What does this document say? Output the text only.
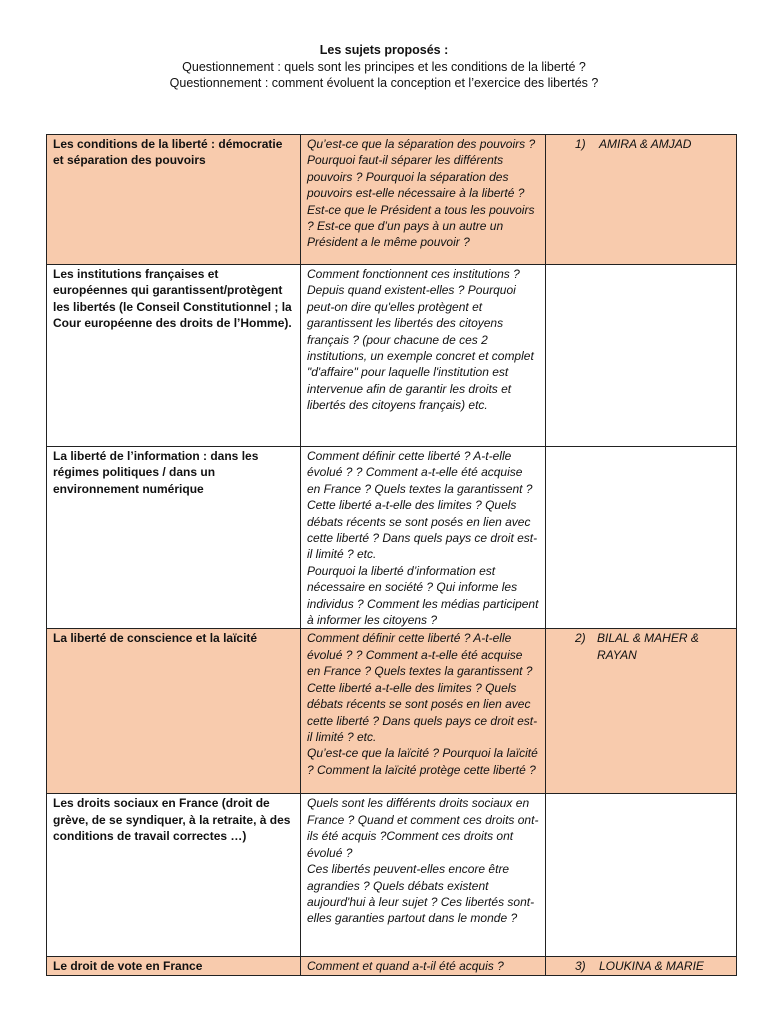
Les sujets proposés :
Questionnement : quels sont les principes et les conditions de la liberté ?
Questionnement : comment évoluent la conception et l’exercice des libertés ?
Les conditions de la liberté : démocratie et séparation des pouvoirs	Qu’est-ce que la séparation des pouvoirs ? Pourquoi faut-il séparer les différents pouvoirs ? Pourquoi la séparation des pouvoirs est-elle nécessaire à la liberté ? Est-ce que le Président a tous les pouvoirs ? Est-ce que d’un pays à un autre un Président a le même pouvoir ?	1) AMIRA & AMJAD

Les institutions françaises et européennes qui garantissent/protègent les libertés (le Conseil Constitutionnel ; la Cour européenne des droits de l’Homme).	Comment fonctionnent ces institutions ? Depuis quand existent-elles ? Pourquoi peut-on dire qu'elles protègent et garantissent les libertés des citoyens français ? (pour chacune de ces 2 institutions, un exemple concret et complet "d'affaire" pour laquelle l'institution est intervenue afin de garantir les droits et libertés des citoyens français) etc.	

La liberté de l’information : dans les régimes politiques / dans un environnement numérique	Comment définir cette liberté ? A-t-elle évolué ? ? Comment a-t-elle été acquise en France ? Quels textes la garantissent ? Cette liberté a-t-elle des limites ? Quels débats récents se sont posés en lien avec cette liberté ? Dans quels pays ce droit est-il limité ? etc.
Pourquoi la liberté d’information est nécessaire en société ? Qui informe les individus ? Comment les médias participent à informer les citoyens ?	

La liberté de conscience et la laïcité	Comment définir cette liberté ? A-t-elle évolué ? ? Comment a-t-elle été acquise en France ? Quels textes la garantissent ? Cette liberté a-t-elle des limites ? Quels débats récents se sont posés en lien avec cette liberté ? Dans quels pays ce droit est-il limité ? etc.
Qu’est-ce que la laïcité ? Pourquoi la laïcité ? Comment la laïcité protège cette liberté ?	2) BILAL & MAHER & RAYAN

Les droits sociaux en France (droit de grève, de se syndiquer, à la retraite, à des conditions de travail correctes …)	Quels sont les différents droits sociaux en France ? Quand et comment ces droits ont-ils été acquis ?Comment ces droits ont évolué ?
Ces libertés peuvent-elles encore être agrandies ? Quels débats existent aujourd'hui à leur sujet ? Ces libertés sont-elles garanties partout dans le monde ?	

Le droit de vote en France	Comment et quand a-t-il été acquis ?	3) LOUKINA & MARIE
